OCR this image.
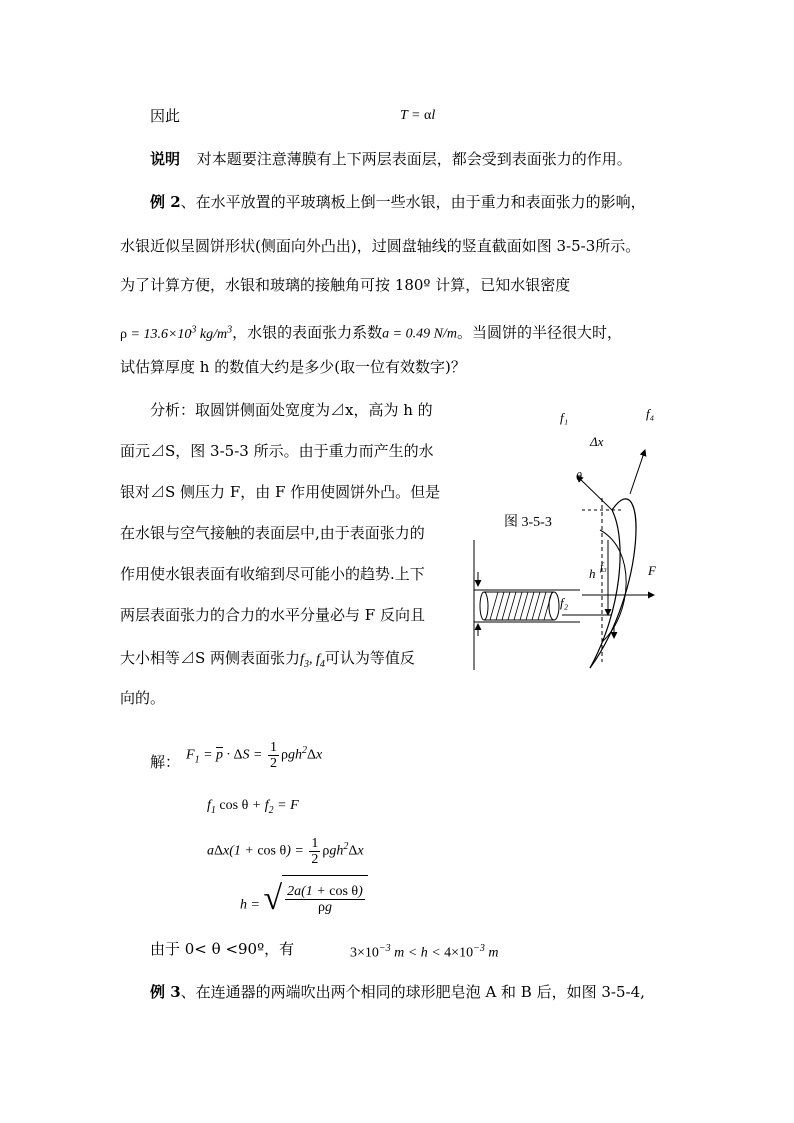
因此	T = αl
说明 对本题要注意薄膜有上下两层表面层，都会受到表面张力的作用。
例 2、在水平放置的平玻璃板上倒一些水银，由于重力和表面张力的影响，
水银近似呈圆饼形状(侧面向外凸出)，过圆盘轴线的竖直截面如图 3-5-3所示。
为了计算方便，水银和玻璃的接触角可按 180º 计算，已知水银密度
$\rho = 13.6\times 10^3$ $kg/m^3$，水银的表面张力系数a = 0.49 N/m。当圆饼的半径很大时，
试估算厚度 h 的数值大约是多少(取一位有效数字)？
分析：取圆饼侧面处宽度为⊿x，高为 h 的
面元⊿S，图 3-5-3 所示。由于重力而产生的水
银对⊿S 侧压力 F，由 F 作用使圆饼外凸。但是
在水银与空气接触的表面层中,由于表面张力的
作用使水银表面有收缩到尽可能小的趋势.上下
两层表面张力的合力的水平分量必与 F 反向且
大小相等⊿S 两侧表面张力$f_3$, $f_4$可认为等值反
向的。
f₁	f₄
Δx
θ
h f₃	F
f₂
图 3-5-3
解： $F_1 = \overline{p} \cdot \Delta S = \frac{1}{2} \rho gh^2\Delta x$
$f_1$ $\cos \theta + f_2 = F$
$a\Delta x(1 + \cos \theta) = \frac{1}{2} \rho gh^2\Delta x$
h = √ $\frac{\text{2a(1 + cos θ)}}{\rho g}$
由于 0< θ <90º，有	$3\times 10^{-3}$ $m < h < 4\times 10^{-3}$ m
例 3、在连通器的两端吹出两个相同的球形肥皂泡 A 和 B 后，如图 3-5-4,
